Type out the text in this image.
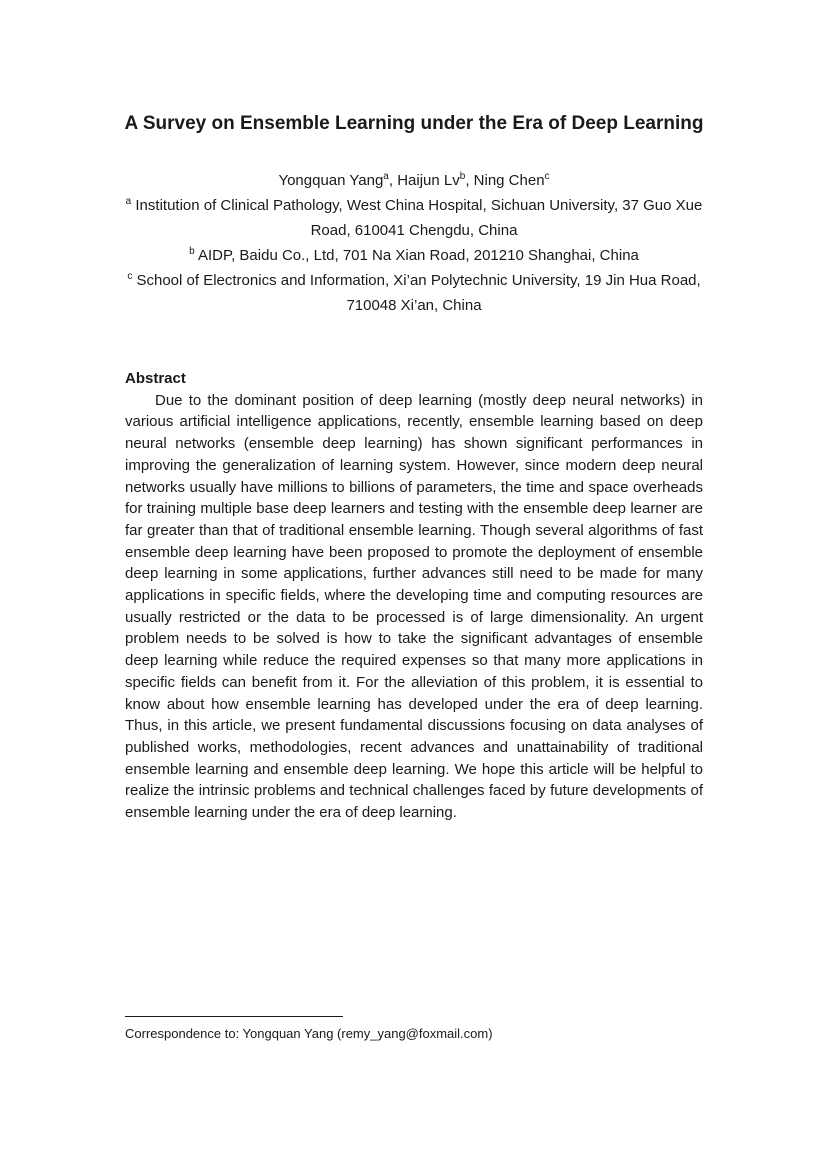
A Survey on Ensemble Learning under the Era of Deep Learning

Yongquan Yang$^a$, Haijun Lv$^b$, Ning Chen$^c$

$^a$ Institution of Clinical Pathology, West China Hospital, Sichuan University, 37 Guo Xue Road, 610041 Chengdu, China

$^b$ AIDP, Baidu Co., Ltd, 701 Na Xian Road, 201210 Shanghai, China

$^c$ School of Electronics and Information, Xi’an Polytechnic University, 19 Jin Hua Road, 710048 Xi’an, China

Abstract

Due to the dominant position of deep learning (mostly deep neural networks) in various artificial intelligence applications, recently, ensemble learning based on deep neural networks (ensemble deep learning) has shown significant performances in improving the generalization of learning system. However, since modern deep neural networks usually have millions to billions of parameters, the time and space overheads for training multiple base deep learners and testing with the ensemble deep learner are far greater than that of traditional ensemble learning. Though several algorithms of fast ensemble deep learning have been proposed to promote the deployment of ensemble deep learning in some applications, further advances still need to be made for many applications in specific fields, where the developing time and computing resources are usually restricted or the data to be processed is of large dimensionality. An urgent problem needs to be solved is how to take the significant advantages of ensemble deep learning while reduce the required expenses so that many more applications in specific fields can benefit from it. For the alleviation of this problem, it is essential to know about how ensemble learning has developed under the era of deep learning. Thus, in this article, we present fundamental discussions focusing on data analyses of published works, methodologies, recent advances and unattainability of traditional ensemble learning and ensemble deep learning. We hope this article will be helpful to realize the intrinsic problems and technical challenges faced by future developments of ensemble learning under the era of deep learning.

Correspondence to: Yongquan Yang (remy_yang@foxmail.com)
